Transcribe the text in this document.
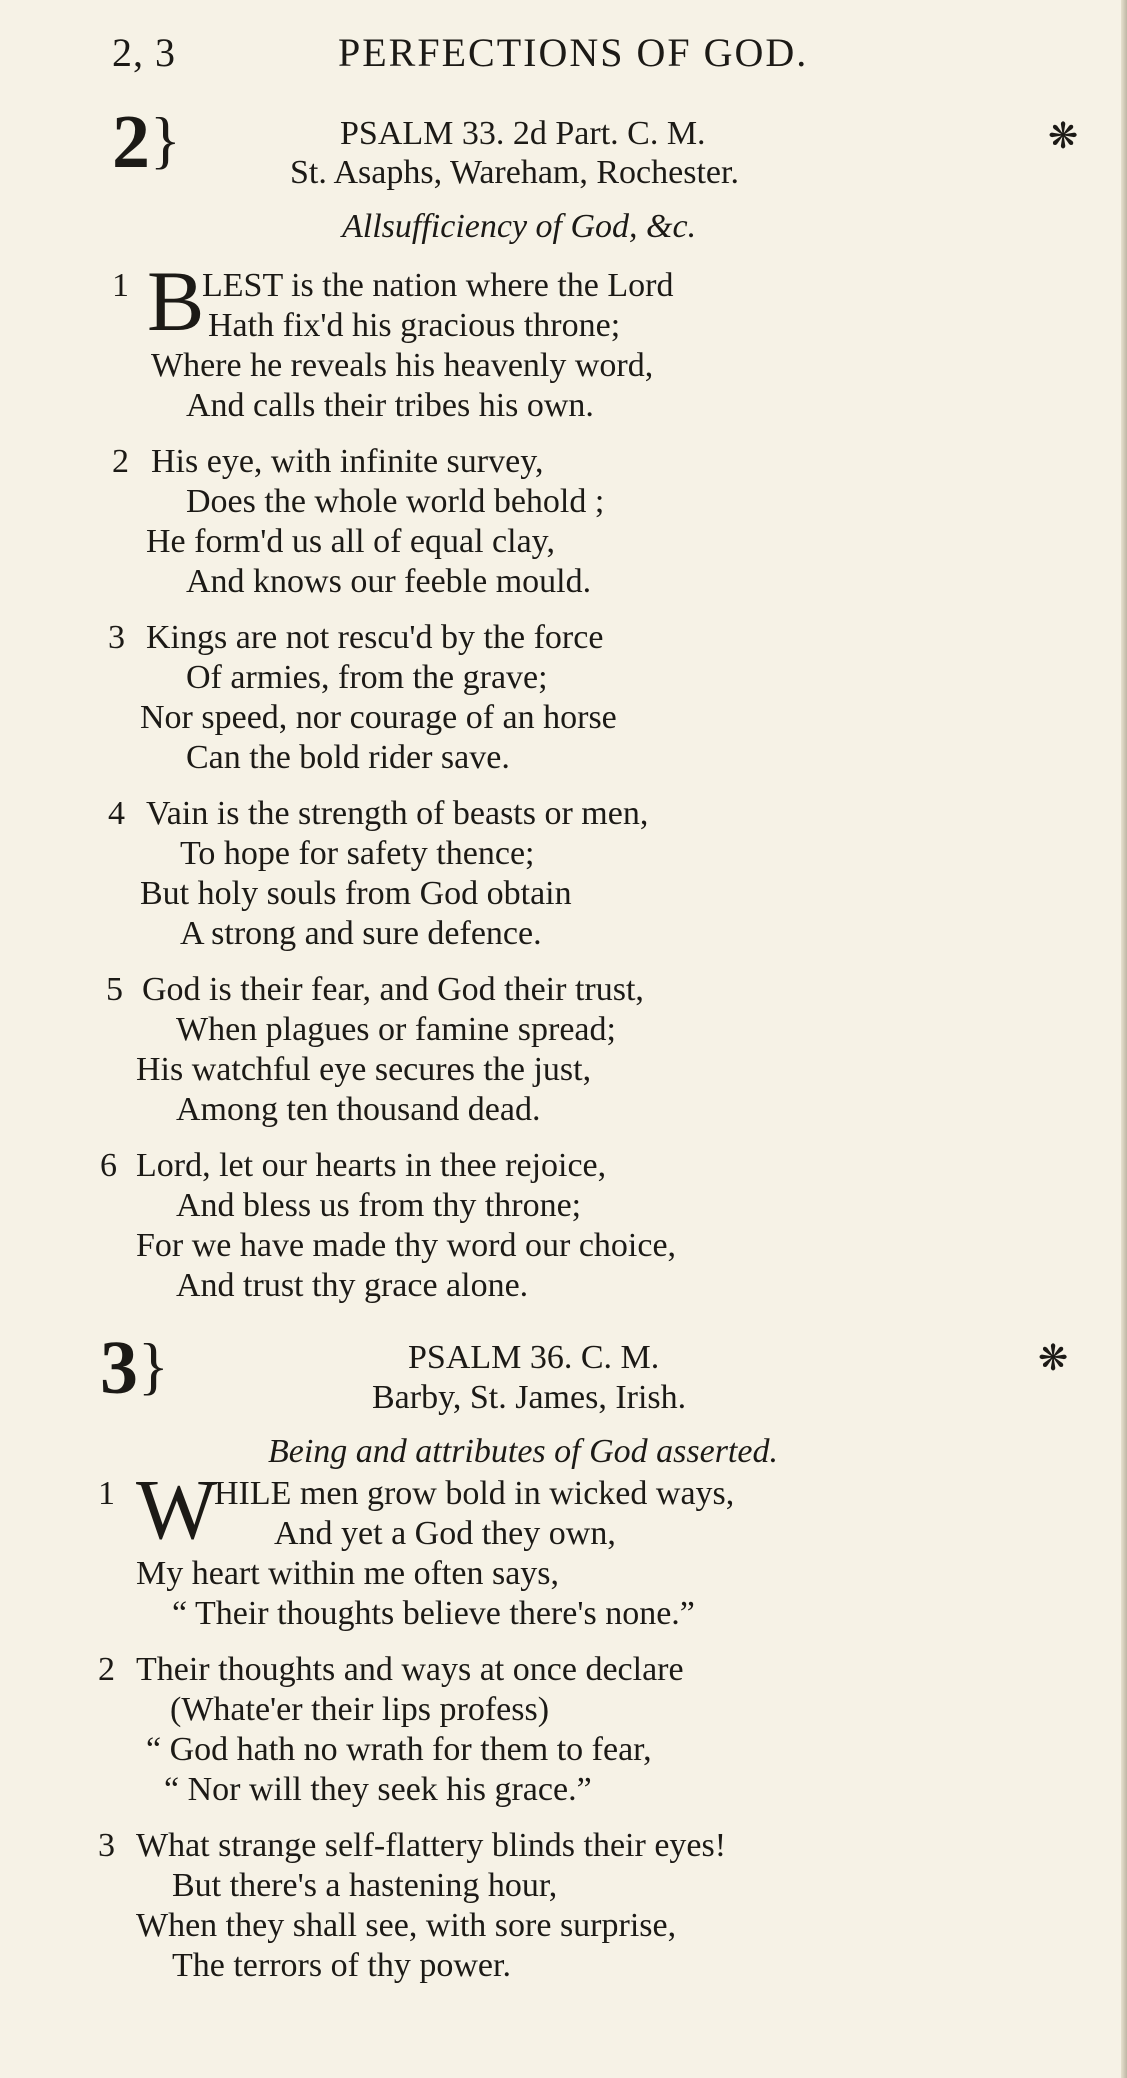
2, 3	PERFECTIONS OF GOD.
2}	PSALM 33. 2d Part. C. M.	❋
St. Asaphs, Wareham, Rochester.
Allsufficiency of God, &c.
1 B
LEST is the nation where the Lord
Hath fix'd his gracious throne;
Where he reveals his heavenly word,
And calls their tribes his own.
2 His eye, with infinite survey,
Does the whole world behold ;
He form'd us all of equal clay,
And knows our feeble mould.
3 Kings are not rescu'd by the force
Of armies, from the grave;
Nor speed, nor courage of an horse
Can the bold rider save.
4 Vain is the strength of beasts or men,
To hope for safety thence;
But holy souls from God obtain
A strong and sure defence.
5 God is their fear, and God their trust,
When plagues or famine spread;
His watchful eye secures the just,
Among ten thousand dead.
6 Lord, let our hearts in thee rejoice,
And bless us from thy throne;
For we have made thy word our choice,
And trust thy grace alone.
3}	PSALM 36. C. M.	❋
Barby, St. James, Irish.
Being and attributes of God asserted.
1 W
HILE men grow bold in wicked ways,
And yet a God they own,
My heart within me often says,
“ Their thoughts believe there's none.”
2 Their thoughts and ways at once declare
(Whate'er their lips profess)
“ God hath no wrath for them to fear,
“ Nor will they seek his grace.”
3 What strange self-flattery blinds their eyes!
But there's a hastening hour,
When they shall see, with sore surprise,
The terrors of thy power.
